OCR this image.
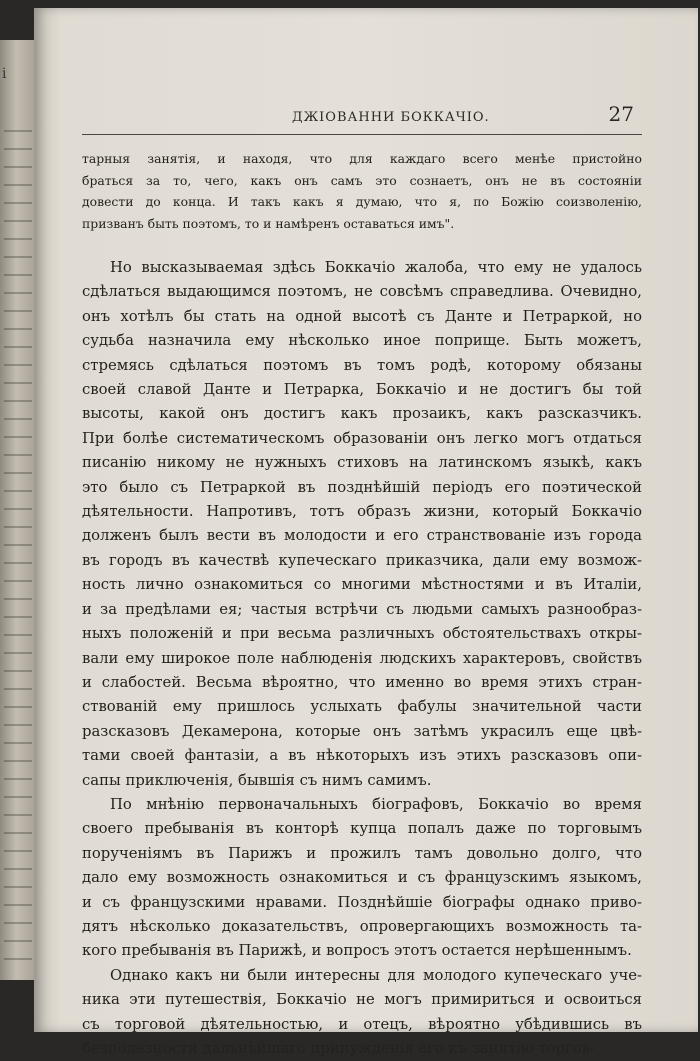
і
ДЖІОВАННИ БОККАЧІО.	27

тарныя занятія, и находя, что для каждаго всего менѣе пристойно

браться за то, чего, какъ онъ самъ это сознаетъ, онъ не въ состояніи

довести до конца. И такъ какъ я думаю, что я, по Божію соизволенію,

призванъ быть поэтомъ, то и намѣренъ оставаться имъ".

Но высказываемая здѣсь Боккачіо жалоба, что ему не удалось

сдѣлаться выдающимся поэтомъ, не совсѣмъ справедлива. Очевидно,

онъ хотѣлъ бы стать на одной высотѣ съ Данте и Петраркой, но

судьба назначила ему нѣсколько иное поприще. Быть можетъ,

стремясь сдѣлаться поэтомъ въ томъ родѣ, которому обязаны

своей славой Данте и Петрарка, Боккачіо и не достигъ бы той

высоты, какой онъ достигъ какъ прозаикъ, какъ разсказчикъ.

При болѣе систематическомъ образованіи онъ легко могъ отдаться

писанію никому не нужныхъ стиховъ на латинскомъ языкѣ, какъ

это было съ Петраркой въ позднѣйшій періодъ его поэтической

дѣятельности. Напротивъ, тотъ образъ жизни, который Боккачіо

долженъ былъ вести въ молодости и его странствованіе изъ города

въ городъ въ качествѣ купеческаго приказчика, дали ему возмож-

ность лично ознакомиться со многими мѣстностями и въ Италіи,

и за предѣлами ея; частыя встрѣчи съ людьми самыхъ разнообраз-

ныхъ положеній и при весьма различныхъ обстоятельствахъ откры-

вали ему широкое поле наблюденія людскихъ характеровъ, свойствъ

и слабостей. Весьма вѣроятно, что именно во время этихъ стран-

ствованій ему пришлось услыхать фабулы значительной части

разсказовъ Декамерона, которые онъ затѣмъ украсилъ еще цвѣ-

тами своей фантазіи, а въ нѣкоторыхъ изъ этихъ разсказовъ опи-

сапы приключенія, бывшія съ нимъ самимъ.

По мнѣнію первоначальныхъ біографовъ, Боккачіо во время

своего пребыванія въ конторѣ купца попалъ даже по торговымъ

порученіямъ въ Парижъ и прожилъ тамъ довольно долго, что

дало ему возможность ознакомиться и съ французскимъ языкомъ,

и съ французскими нравами. Позднѣйшіе біографы однако приво-

дятъ нѣсколько доказательствъ, опровергающихъ возможность та-

кого пребыванія въ Парижѣ, и вопросъ этотъ остается нерѣшеннымъ.

Однако какъ ни были интересны для молодого купеческаго уче-

ника эти путешествія, Боккачіо не могъ примириться и освоиться

съ торговой дѣятельностью, и отецъ, вѣроятно убѣдившись въ

безполезности дальнѣйшаго принужденія его къ занятію торгов-
